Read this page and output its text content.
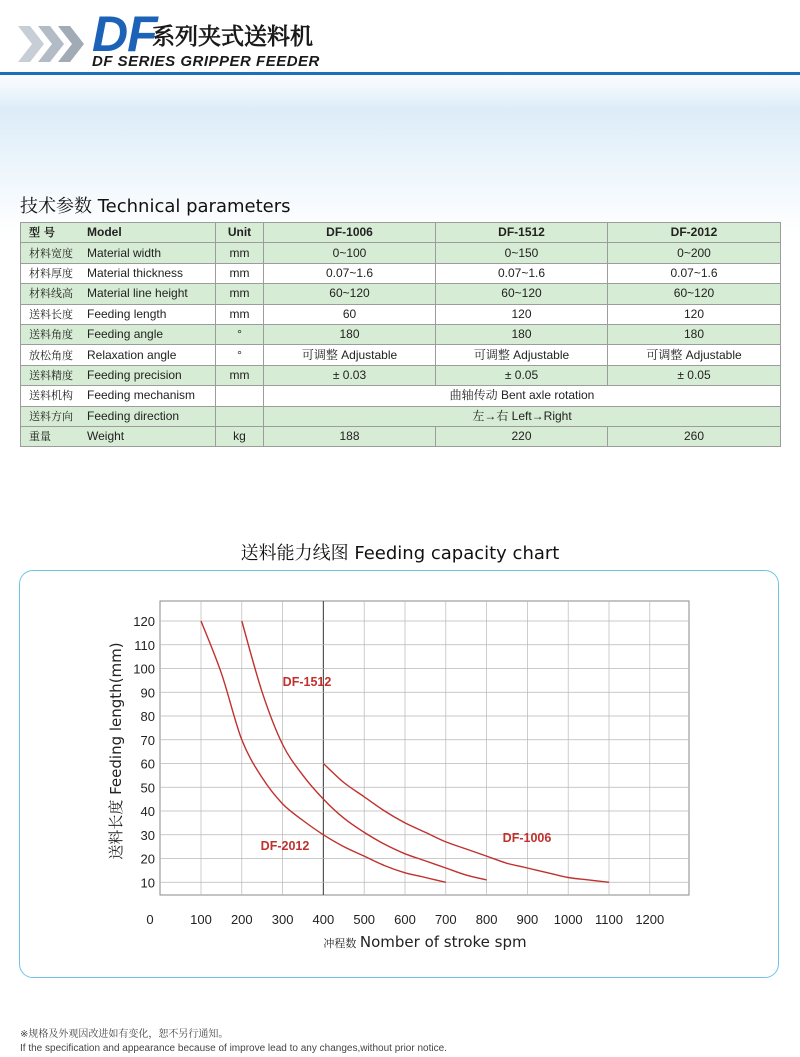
DF
系列夹式送料机
DF SERIES GRIPPER FEEDER
技术参数 Technical parameters
型 号 Model	Unit	DF-1006	DF-1512	DF-2012
材料宽度 Material width	mm	0~100	0~150	0~200
材料厚度 Material thickness	mm	0.07~1.6	0.07~1.6	0.07~1.6
材料线高 Material line height	mm	60~120	60~120	60~120
送料长度 Feeding length	mm	60	120	120
送料角度 Feeding angle	°	180	180	180
放松角度 Relaxation angle	°	可调整 Adjustable	可调整 Adjustable	可调整 Adjustable
送料精度 Feeding precision	mm	± 0.03	± 0.05	± 0.05
送料机构 Feeding mechanism		曲轴传动 Bent axle rotation		
送料方向 Feeding direction		左→右 Left→Right		
重量 Weight	kg	188	220	260
送料能力线图 Feeding capacity chart
100 200 300 400 500 600 700 800 900 1000 1100 1200
10
20
30
40
50
60
70
80
90
100
110
120
0
冲程数 Nomber of stroke spm
送料长度 Feeding length(mm)	DF-2012
DF-1512
DF-1006
※规格及外观因改进如有变化，恕不另行通知。
If the specification and appearance because of improve lead to any changes,without prior notice.
